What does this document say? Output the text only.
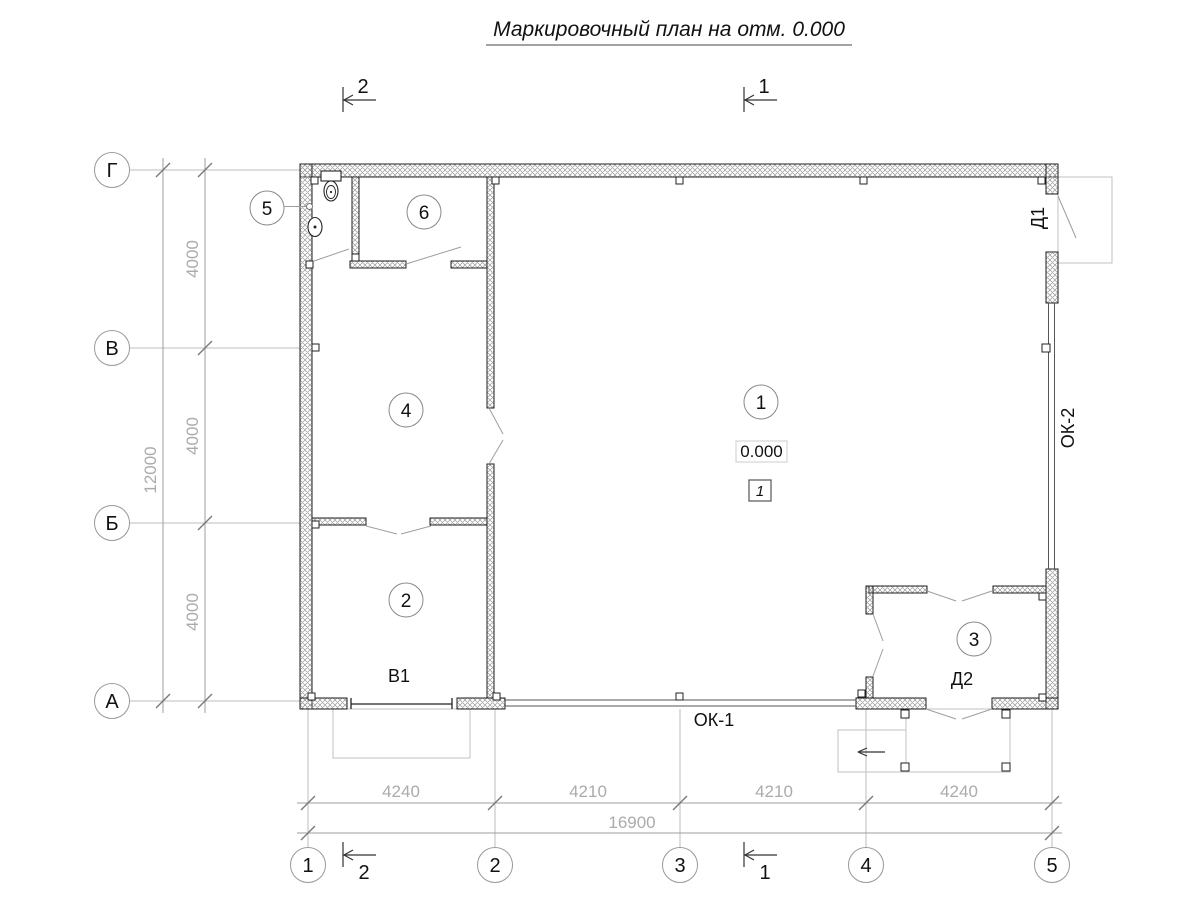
Маркировочный план на отм. 0.000
2	1
4000
4000
4000
12000
4240	4210	4210	4240
16900
Г
В
Б
А
1	2	3	4	5
2	1
1
2
3
4
5	6
0.000
1
В1	Д2
Д1
ОК-1
ОК-2
